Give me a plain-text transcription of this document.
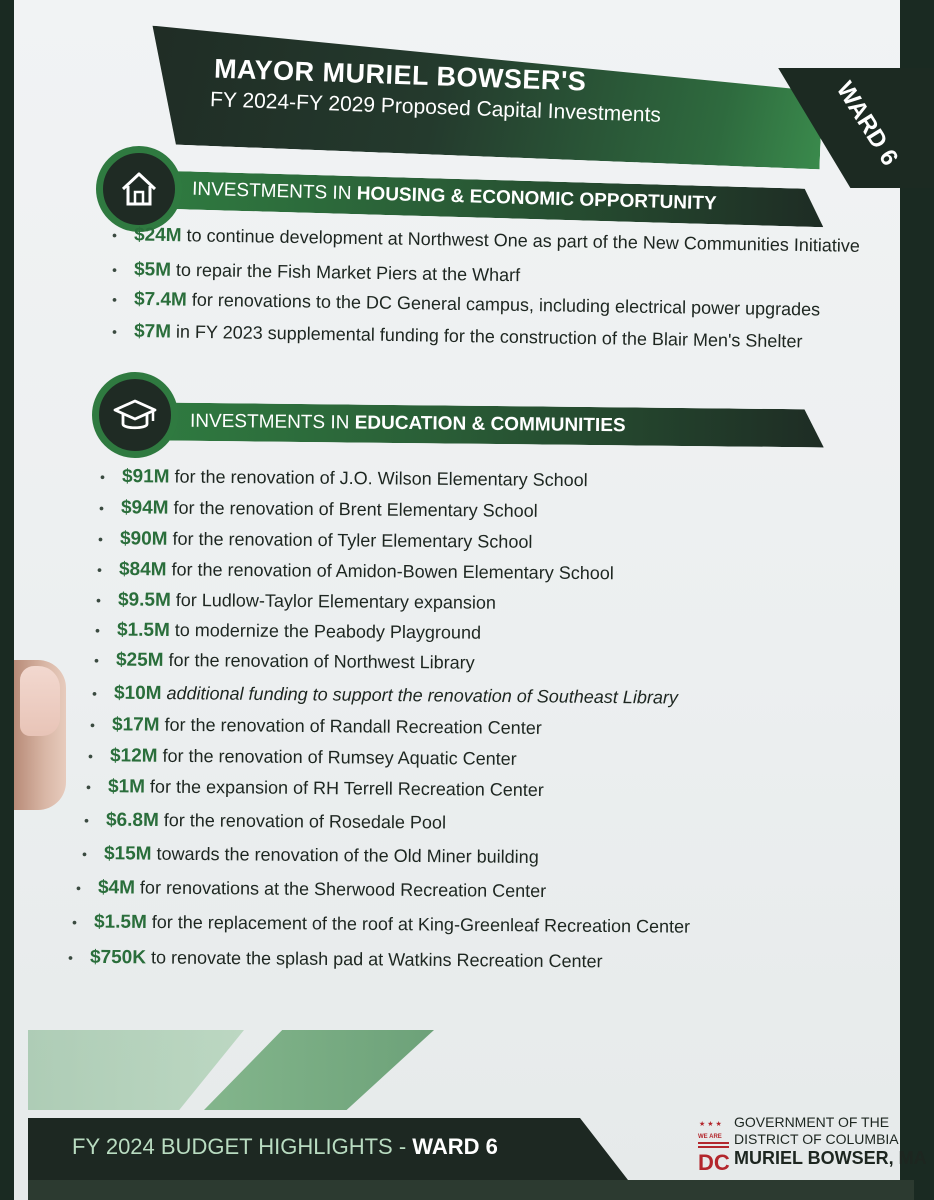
MAYOR MURIEL BOWSER'S
FY 2024-FY 2029 Proposed Capital Investments	WARD 6
INVESTMENTS IN HOUSING & ECONOMIC OPPORTUNITY
• $24M to continue development at Northwest One as part of the New Communities Initiative
• $5M to repair the Fish Market Piers at the Wharf
• $7.4M for renovations to the DC General campus, including electrical power upgrades
• $7M in FY 2023 supplemental funding for the construction of the Blair Men's Shelter
INVESTMENTS IN EDUCATION & COMMUNITIES
• $91M for the renovation of J.O. Wilson Elementary School
• $94M for the renovation of Brent Elementary School
• $90M for the renovation of Tyler Elementary School
• $84M for the renovation of Amidon-Bowen Elementary School
• $9.5M for Ludlow-Taylor Elementary expansion
• $1.5M to modernize the Peabody Playground
• $25M for the renovation of Northwest Library
• $10M additional funding to support the renovation of Southeast Library
• $17M for the renovation of Randall Recreation Center
• $12M for the renovation of Rumsey Aquatic Center
• $1M for the expansion of RH Terrell Recreation Center
• $6.8M for the renovation of Rosedale Pool
• $15M towards the renovation of the Old Miner building
• $4M for renovations at the Sherwood Recreation Center
• $1.5M for the replacement of the roof at King-Greenleaf Recreation Center
• $750K to renovate the splash pad at Watkins Recreation Center
FY 2024 BUDGET HIGHLIGHTS - WARD 6
★ ★ ★
WE ARE
DC
GOVERNMENT OF THE
DISTRICT OF COLUMBIA
MURIEL BOWSER, MA
